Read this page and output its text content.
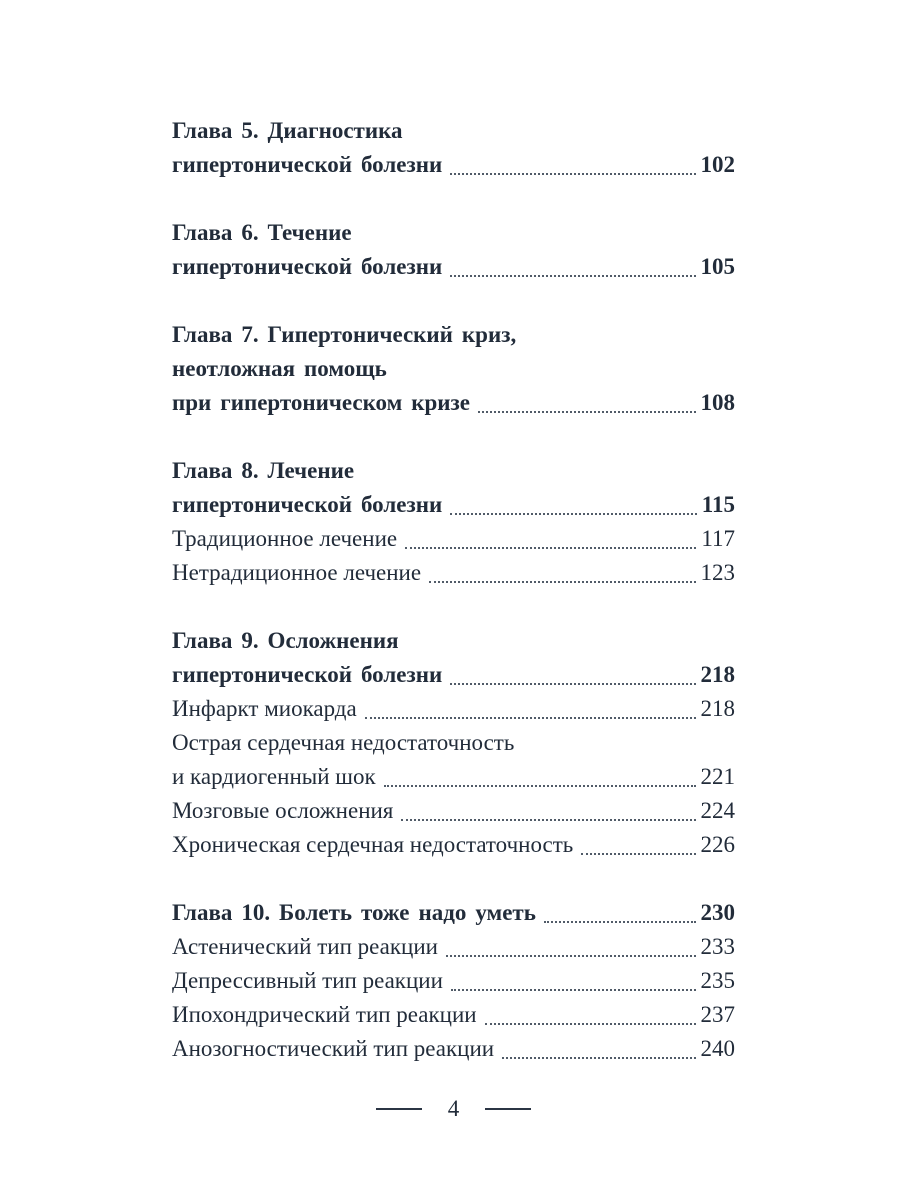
Глава 5. Диагностика
гипертонической болезни	102
Глава 6. Течение
гипертонической болезни	105
Глава 7. Гипертонический криз,
неотложная помощь
при гипертоническом кризе	108
Глава 8. Лечение
гипертонической болезни	115
Традиционное лечение	117
Нетрадиционное лечение	123
Глава 9. Осложнения
гипертонической болезни	218
Инфаркт миокарда	218
Острая сердечная недостаточность
и кардиогенный шок	221
Мозговые осложнения	224
Хроническая сердечная недостаточность	226
Глава 10. Болеть тоже надо уметь	230
Астенический тип реакции	233
Депрессивный тип реакции	235
Ипохондрический тип реакции	237
Анозогностический тип реакции	240
4
